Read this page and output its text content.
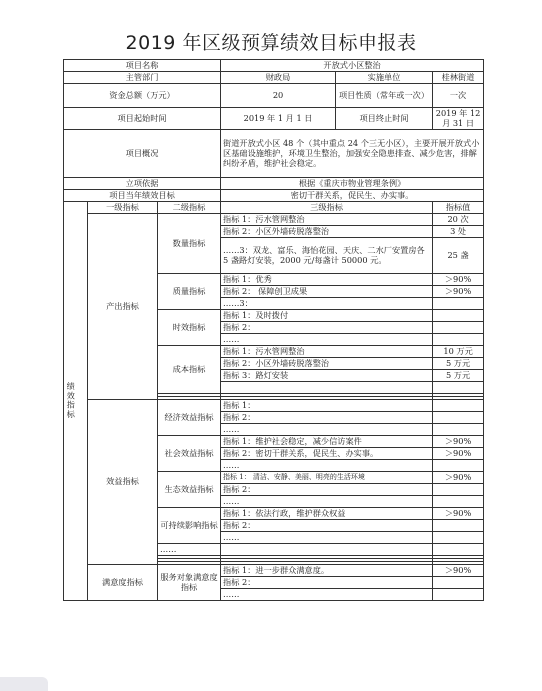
2019 年区级预算绩效目标申报表
项目名称			开放式小区整治		
主管部门			财政局	实施单位	桂林街道
资金总额（万元）			20	项目性质（常年或一次）	一次
项目起始时间			2019 年 1 月 1 日	项目终止时间	2019 年 12 月 31 日
项目概况			街道开放式小区 48 个（其中重点 24 个三无小区），主要开展开放式小区基础设施维护，环境卫生整治，加强安全隐患排查、减少危害，排解纠纷矛盾，维护社会稳定。		
立项依据			根据《重庆市物业管理条例》		
项目当年绩效目标			密切干群关系，促民生、办实事。		

绩效指标	一级指标	二级指标	三级指标		指标值
	产出指标	数量指标	指标 1：污水管网整治		20 次
			指标 2：小区外墙砖脱落整治		3 处
			……3：双龙、富乐、海怡花园、天庆、二水厂安置房各 5 盏路灯安装，2000 元/每盏计 50000 元。		25 盏
		质量指标	指标 1：优秀		＞90%
			指标 2： 保障创卫成果		＞90%
			……3：		
		时效指标	指标 1：及时拨付		
			指标 2：		
			……		
		成本指标	指标 1：污水管网整治		10 万元
			指标 2：小区外墙砖脱落整治		5 万元
			指标 3：路灯安装		5 万元

	效益指标	经济效益指标	指标 1：		
			指标 2：		
			……		
		社会效益指标	指标 1：维护社会稳定，减少信访案件		＞90%
			指标 2：密切干群关系，促民生、办实事。		＞90%
			……		
		生态效益指标	指标 1： 清洁、安静、美丽、明亮的生活环境		＞90%
			指标 2：		
			……		
		可持续影响指标	指标 1：依法行政，维护群众权益		＞90%
			指标 2：		
			……		
		……			

	满意度指标	服务对象满意度指标	指标 1：进一步群众满意度。		＞90%
			指标 2：		
			……		
